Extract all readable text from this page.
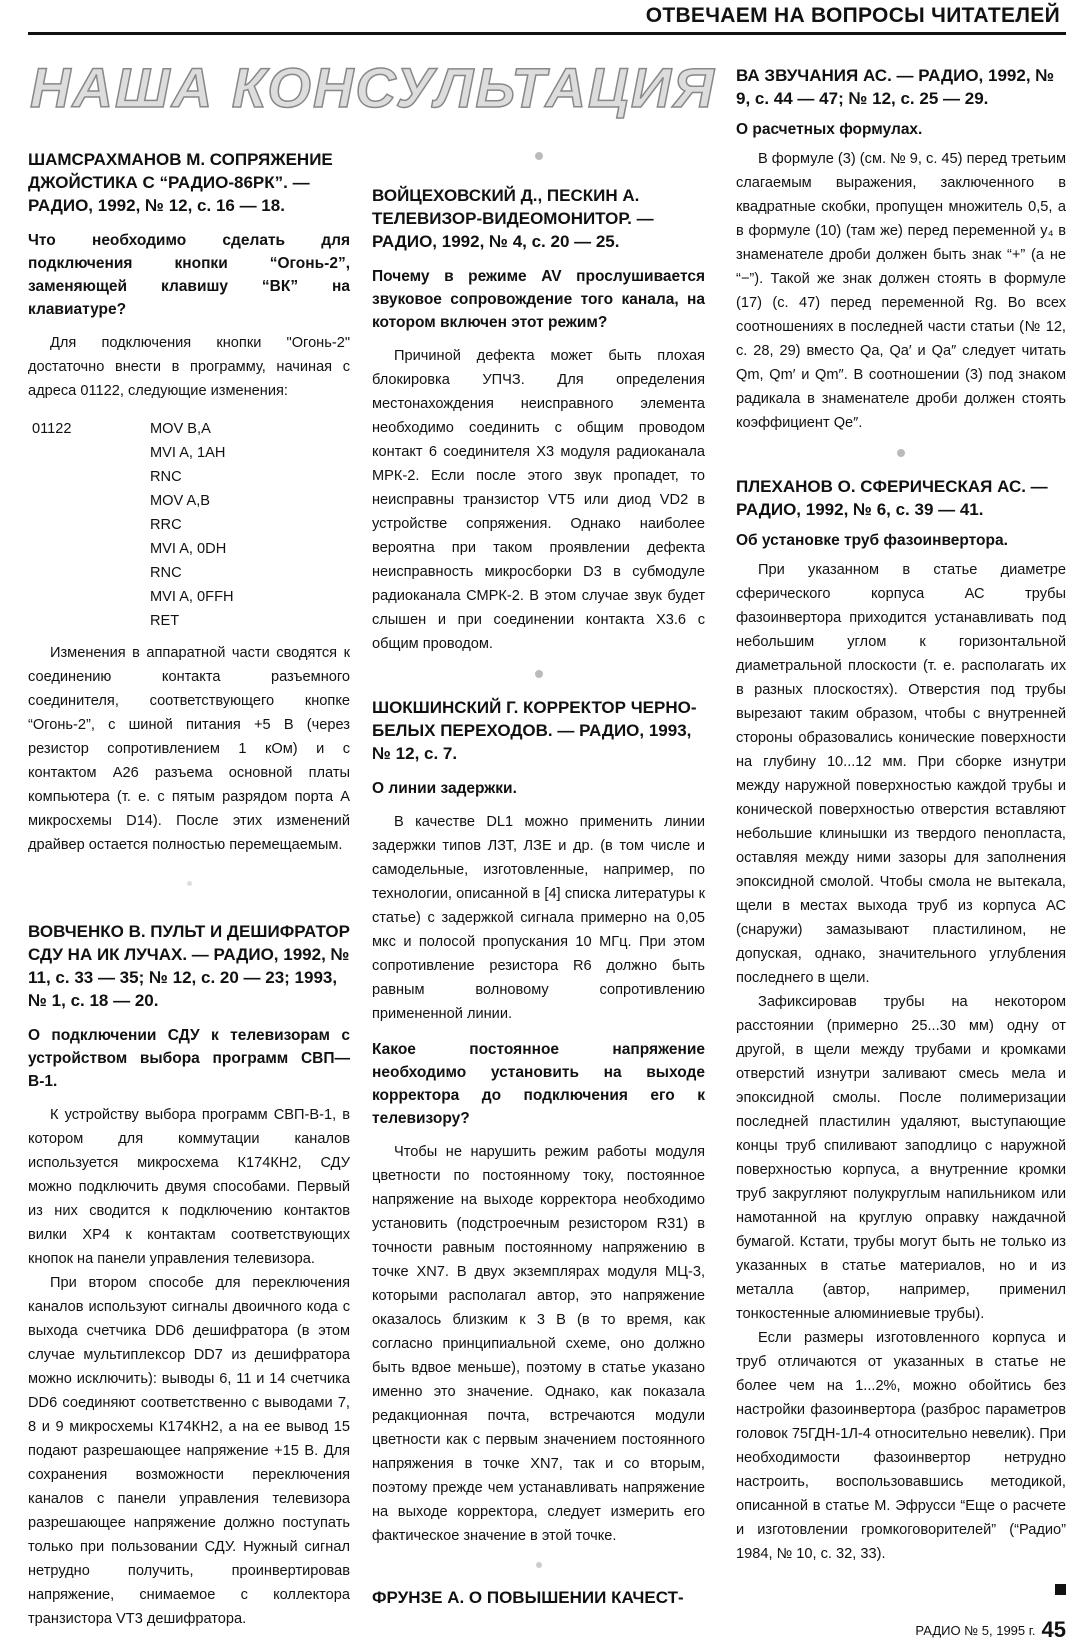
ОТВЕЧАЕМ НА ВОПРОСЫ ЧИТАТЕЛЕЙ
НАША КОНСУЛЬТАЦИЯ

ШАМСРАХМАНОВ М. СОПРЯЖЕНИЕ ДЖОЙСТИКА С “РАДИО-86РК”. — РАДИО, 1992, № 12, с. 16 — 18.

Что необходимо сделать для подключения кнопки “Огонь-2”, заменяющей клавишу “ВК” на клавиатуре?

Для подключения кнопки "Огонь-2" достаточно внести в программу, начиная с адреса 01122, следующие изменения:

01122	MOV B,A
MVI A, 1AH
RNC
MOV A,B
RRC
MVI A, 0DH
RNC
MVI A, 0FFH
RET

Изменения в аппаратной части сводятся к соединению контакта разъемного соединителя, соответствующего кнопке “Огонь-2”, с шиной питания +5 В (через резистор сопротивлением 1 кОм) и с контактом А26 разъема основной платы компьютера (т. е. с пятым разрядом порта А микросхемы D14). После этих изменений драйвер остается полностью перемещаемым.

ВОВЧЕНКО В. ПУЛЬТ И ДЕШИФРАТОР СДУ НА ИК ЛУЧАХ. — РАДИО, 1992, № 11, с. 33 — 35; № 12, с. 20 — 23; 1993, № 1, с. 18 — 20.

О подключении СДУ к телевизорам с устройством выбора программ СВП—В-1.

К устройству выбора программ СВП-В-1, в котором для коммутации каналов используется микросхема К174КН2, СДУ можно подключить двумя способами. Первый из них сводится к подключению контактов вилки ХР4 к контактам соответствующих кнопок на панели управления телевизора.

При втором способе для переключения каналов используют сигналы двоичного кода с выхода счетчика DD6 дешифратора (в этом случае мультиплексор DD7 из дешифратора можно исключить): выводы 6, 11 и 14 счетчика DD6 соединяют соответственно с выводами 7, 8 и 9 микросхемы К174КН2, а на ее вывод 15 подают разрешающее напряжение +15 В. Для сохранения возможности переключения каналов с панели управления телевизора разрешающее напряжение должно поступать только при пользовании СДУ. Нужный сигнал нетрудно получить, проинвертировав напряжение, снимаемое с коллектора транзистора VT3 дешифратора.

ВОЙЦЕХОВСКИЙ Д., ПЕСКИН А. ТЕЛЕВИЗОР-ВИДЕОМОНИТОР. — РАДИО, 1992, № 4, с. 20 — 25.

Почему в режиме AV прослушивается звуковое сопровождение того канала, на котором включен этот режим?

Причиной дефекта может быть плохая блокировка УПЧЗ. Для определения местонахождения неисправного элемента необходимо соединить с общим проводом контакт 6 соединителя Х3 модуля радиоканала МРК-2. Если после этого звук пропадет, то неисправны транзистор VT5 или диод VD2 в устройстве сопряжения. Однако наиболее вероятна при таком проявлении дефекта неисправность микросборки D3 в субмодуле радиоканала СМРК-2. В этом случае звук будет слышен и при соединении контакта Х3.6 с общим проводом.

ШОКШИНСКИЙ Г. КОРРЕКТОР ЧЕРНО-БЕЛЫХ ПЕРЕХОДОВ. — РАДИО, 1993, № 12, с. 7.

О линии задержки.

В качестве DL1 можно применить линии задержки типов ЛЗТ, ЛЗЕ и др. (в том числе и самодельные, изготовленные, например, по технологии, описанной в [4] списка литературы к статье) с задержкой сигнала примерно на 0,05 мкс и полосой пропускания 10 МГц. При этом сопротивление резистора R6 должно быть равным волновому сопротивлению примененной линии.

Какое постоянное напряжение необходимо установить на выходе корректора до подключения его к телевизору?

Чтобы не нарушить режим работы модуля цветности по постоянному току, постоянное напряжение на выходе корректора необходимо установить (подстроечным резистором R31) в точности равным постоянному напряжению в точке XN7. В двух экземплярах модуля МЦ-3, которыми располагал автор, это напряжение оказалось близким к 3 В (в то время, как согласно принципиальной схеме, оно должно быть вдвое меньше), поэтому в статье указано именно это значение. Однако, как показала редакционная почта, встречаются модули цветности как с первым значением постоянного напряжения в точке XN7, так и со вторым, поэтому прежде чем устанавливать напряжение на выходе корректора, следует измерить его фактическое значение в этой точке.

ФРУНЗЕ А. О ПОВЫШЕНИИ КАЧЕСТ-

ВА ЗВУЧАНИЯ АС. — РАДИО, 1992, № 9, с. 44 — 47; № 12, с. 25 — 29.

О расчетных формулах.

В формуле (3) (см. № 9, с. 45) перед третьим слагаемым выражения, заключенного в квадратные скобки, пропущен множитель 0,5, а в формуле (10) (там же) перед переменной y₄ в знаменателе дроби должен быть знак “+” (а не “−”). Такой же знак должен стоять в формуле (17) (с. 47) перед переменной Rg. Во всех соотношениях в последней части статьи (№ 12, с. 28, 29) вместо Qa, Qa′ и Qa″ следует читать Qm, Qm′ и Qm″. В соотношении (3) под знаком радикала в знаменателе дроби должен стоять коэффициент Qe″.

ПЛЕХАНОВ О. СФЕРИЧЕСКАЯ АС. — РАДИО, 1992, № 6, с. 39 — 41.

Об установке труб фазоинвертора.

При указанном в статье диаметре сферического корпуса АС трубы фазоинвертора приходится устанавливать под небольшим углом к горизонтальной диаметральной плоскости (т. е. располагать их в разных плоскостях). Отверстия под трубы вырезают таким образом, чтобы с внутренней стороны образовались конические поверхности на глубину 10...12 мм. При сборке изнутри между наружной поверхностью каждой трубы и конической поверхностью отверстия вставляют небольшие клинышки из твердого пенопласта, оставляя между ними зазоры для заполнения эпоксидной смолой. Чтобы смола не вытекала, щели в местах выхода труб из корпуса АС (снаружи) замазывают пластилином, не допуская, однако, значительного углубления последнего в щели.

Зафиксировав трубы на некотором расстоянии (примерно 25...30 мм) одну от другой, в щели между трубами и кромками отверстий изнутри заливают смесь мела и эпоксидной смолы. После полимеризации последней пластилин удаляют, выступающие концы труб спиливают заподлицо с наружной поверхностью корпуса, а внутренние кромки труб закругляют полукруглым напильником или намотанной на круглую оправку наждачной бумагой. Кстати, трубы могут быть не только из указанных в статье материалов, но и из металла (автор, например, применил тонкостенные алюминиевые трубы).

Если размеры изготовленного корпуса и труб отличаются от указанных в статье не более чем на 1...2%, можно обойтись без настройки фазоинвертора (разброс параметров головок 75ГДН-1Л-4 относительно невелик). При необходимости фазоинвертор нетрудно настроить, воспользовавшись методикой, описанной в статье М. Эфрусси “Еще о расчете и изготовлении громкоговорителей” (“Радио” 1984, № 10, с. 32, 33).

РАДИО № 5, 1995 г. 45
